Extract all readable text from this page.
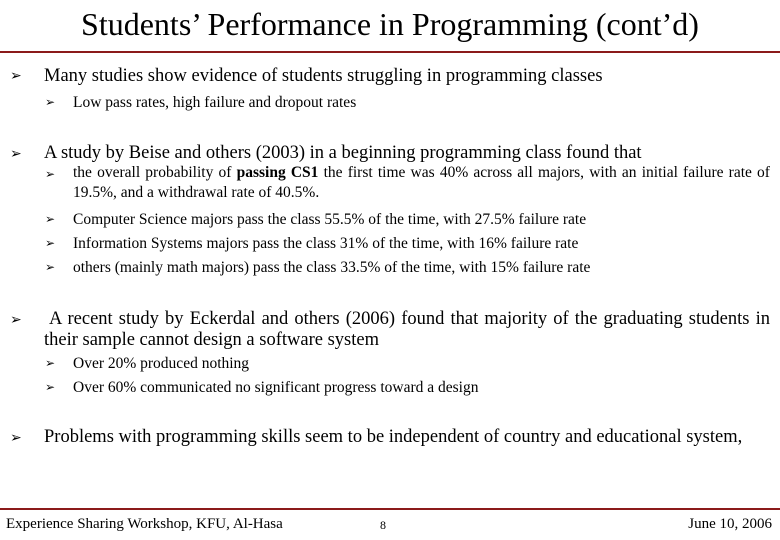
Students’ Performance in Programming (cont’d)
➢ Many studies show evidence of students struggling in programming classes
➢ Low pass rates, high failure and dropout rates
➢ A study by Beise and others (2003) in a beginning programming class found that
➢ the overall probability of passing CS1 the first time was 40% across all majors, with an initial failure rate of 19.5%, and a withdrawal rate of 40.5%.
➢ Computer Science majors pass the class 55.5% of the time, with 27.5% failure rate
➢ Information Systems majors pass the class 31% of the time, with 16% failure rate
➢ others (mainly math majors) pass the class 33.5% of the time, with 15% failure rate
➢ A recent study by Eckerdal and others (2006) found that majority of the graduating students in their sample cannot design a software system
➢ Over 20% produced nothing
➢ Over 60% communicated no significant progress toward a design
➢ Problems with programming skills seem to be independent of country and educational system,
Experience Sharing Workshop, KFU, Al-Hasa	8	June 10, 2006
